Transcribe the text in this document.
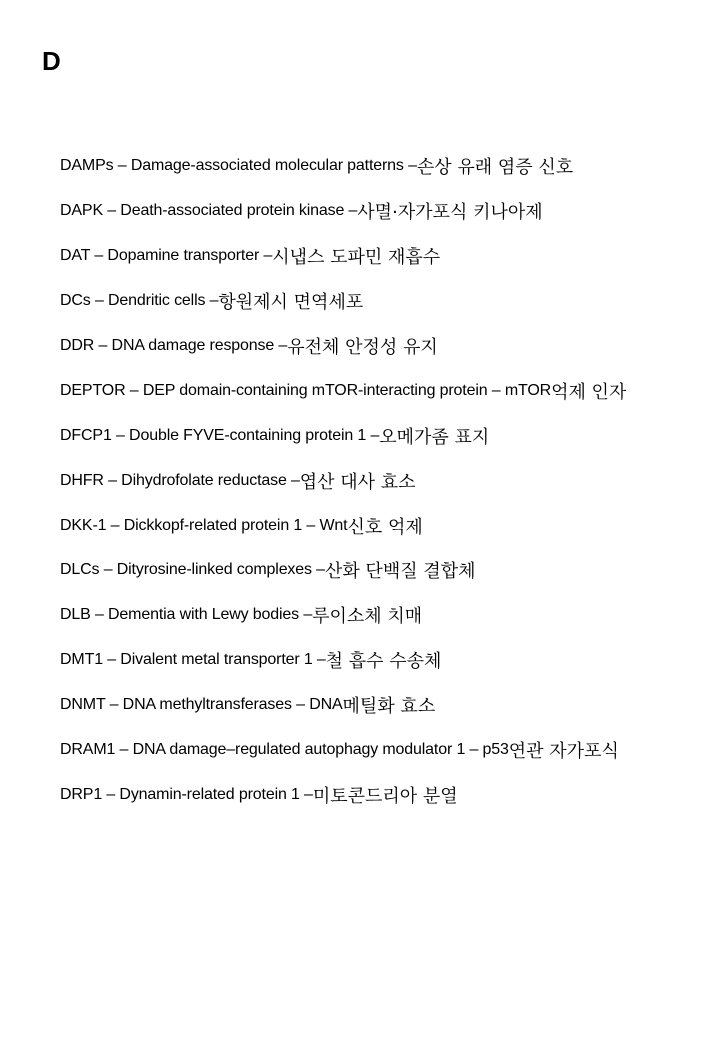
D
DAMPs – Damage-associated molecular patterns – 손상 유래 염증 신호
DAPK – Death-associated protein kinase – 사멸·자가포식 키나아제
DAT – Dopamine transporter – 시냅스 도파민 재흡수
DCs – Dendritic cells – 항원제시 면역세포
DDR – DNA damage response – 유전체 안정성 유지
DEPTOR – DEP domain-containing mTOR-interacting protein – mTOR 억제 인자
DFCP1 – Double FYVE-containing protein 1 – 오메가좀 표지
DHFR – Dihydrofolate reductase – 엽산 대사 효소
DKK-1 – Dickkopf-related protein 1 – Wnt 신호 억제
DLCs – Dityrosine-linked complexes – 산화 단백질 결합체
DLB – Dementia with Lewy bodies – 루이소체 치매
DMT1 – Divalent metal transporter 1 – 철 흡수 수송체
DNMT – DNA methyltransferases – DNA 메틸화 효소
DRAM1 – DNA damage–regulated autophagy modulator 1 – p53 연관 자가포식
DRP1 – Dynamin-related protein 1 – 미토콘드리아 분열
